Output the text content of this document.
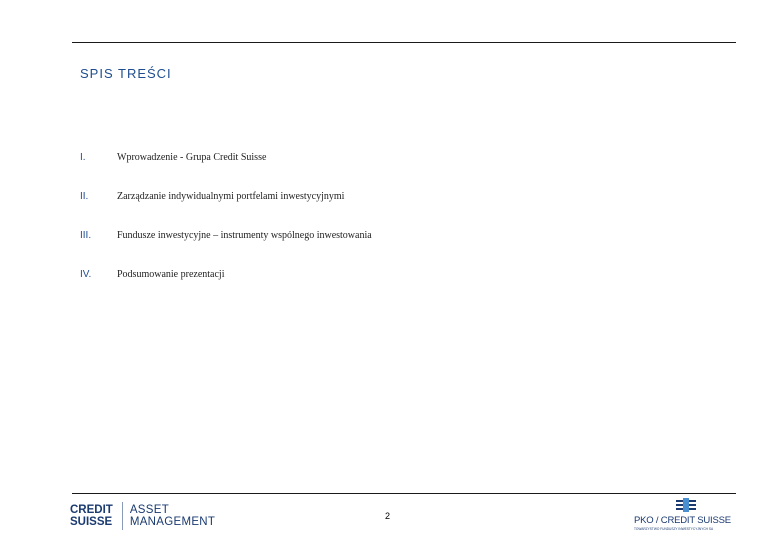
SPIS TREŚCI
I.	Wprowadzenie - Grupa Credit Suisse
II.	Zarządzanie indywidualnymi portfelami inwestycyjnymi
III.	Fundusze inwestycyjne – instrumenty wspólnego inwestowania
IV.	Podsumowanie prezentacji
CREDIT
SUISSE
ASSET
MANAGEMENT	2	PKO / CREDIT SUISSE
TOWARZYSTWO FUNDUSZY INWESTYCYJNYCH SA
